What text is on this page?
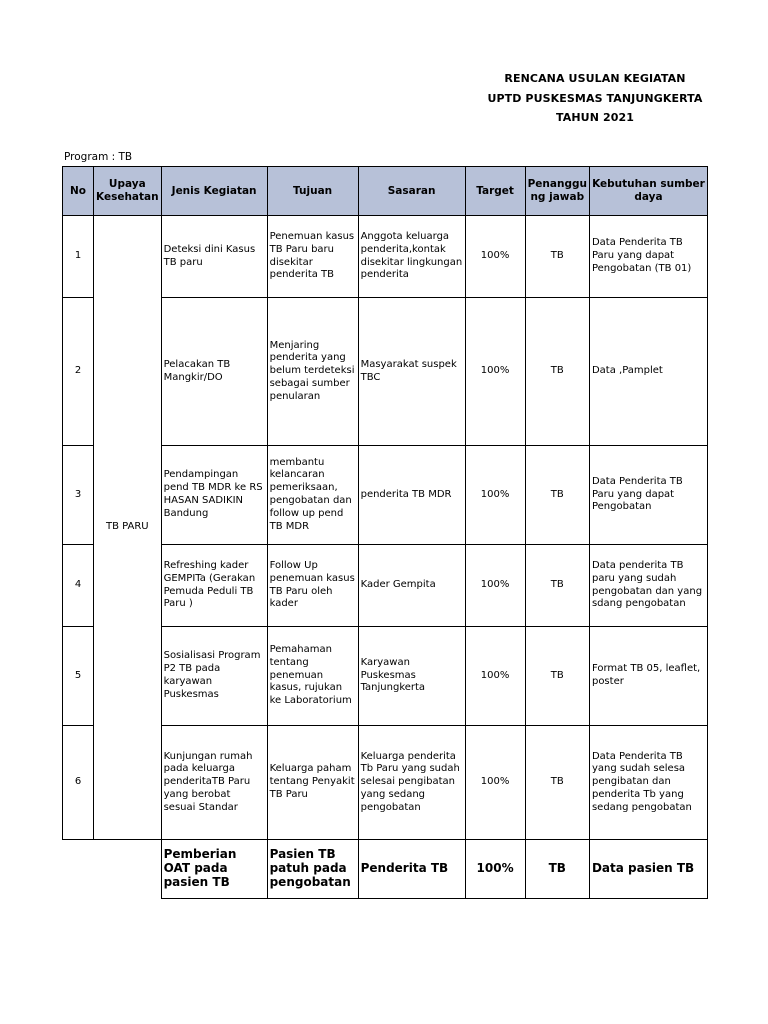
RENCANA USULAN KEGIATAN
UPTD PUSKESMAS TANJUNGKERTA
TAHUN 2021
Program : TB
No	Upaya Kesehatan	Jenis Kegiatan	Tujuan	Sasaran	Target	Penanggu ng jawab	Kebutuhan sumber daya
1	TB PARU	Deteksi dini Kasus TB paru	Penemuan kasus TB Paru baru disekitar penderita TB	Anggota keluarga penderita,kontak disekitar lingkungan penderita	100%	TB	Data Penderita TB Paru yang dapat Pengobatan (TB 01)
2		Pelacakan TB Mangkir/DO	Menjaring penderita yang belum terdeteksi sebagai sumber penularan	Masyarakat suspek TBC	100%	TB	Data ,Pamplet
3		Pendampingan pend TB MDR ke RS HASAN SADIKIN Bandung	membantu kelancaran pemeriksaan, pengobatan dan follow up pend TB MDR	penderita TB MDR	100%	TB	Data Penderita TB Paru yang dapat Pengobatan
4		Refreshing kader GEMPITa (Gerakan Pemuda Peduli TB Paru )	Follow Up penemuan kasus TB Paru oleh kader	Kader Gempita	100%	TB	Data penderita TB paru yang sudah pengobatan dan yang sdang pengobatan
5		Sosialisasi Program P2 TB pada karyawan Puskesmas	Pemahaman tentang penemuan kasus, rujukan ke Laboratorium	Karyawan Puskesmas Tanjungkerta	100%	TB	Format TB 05, leaflet, poster
6		Kunjungan rumah pada keluarga penderitaTB Paru yang berobat sesuai Standar	Keluarga paham tentang Penyakit TB Paru	Keluarga penderita Tb Paru yang sudah selesai pengibatan yang sedang pengobatan	100%	TB	Data Penderita TB yang sudah selesa pengibatan dan penderita Tb yang sedang pengobatan
		Pemberian OAT pada pasien TB	Pasien TB patuh pada pengobatan	Penderita TB	100%	TB	Data pasien TB
